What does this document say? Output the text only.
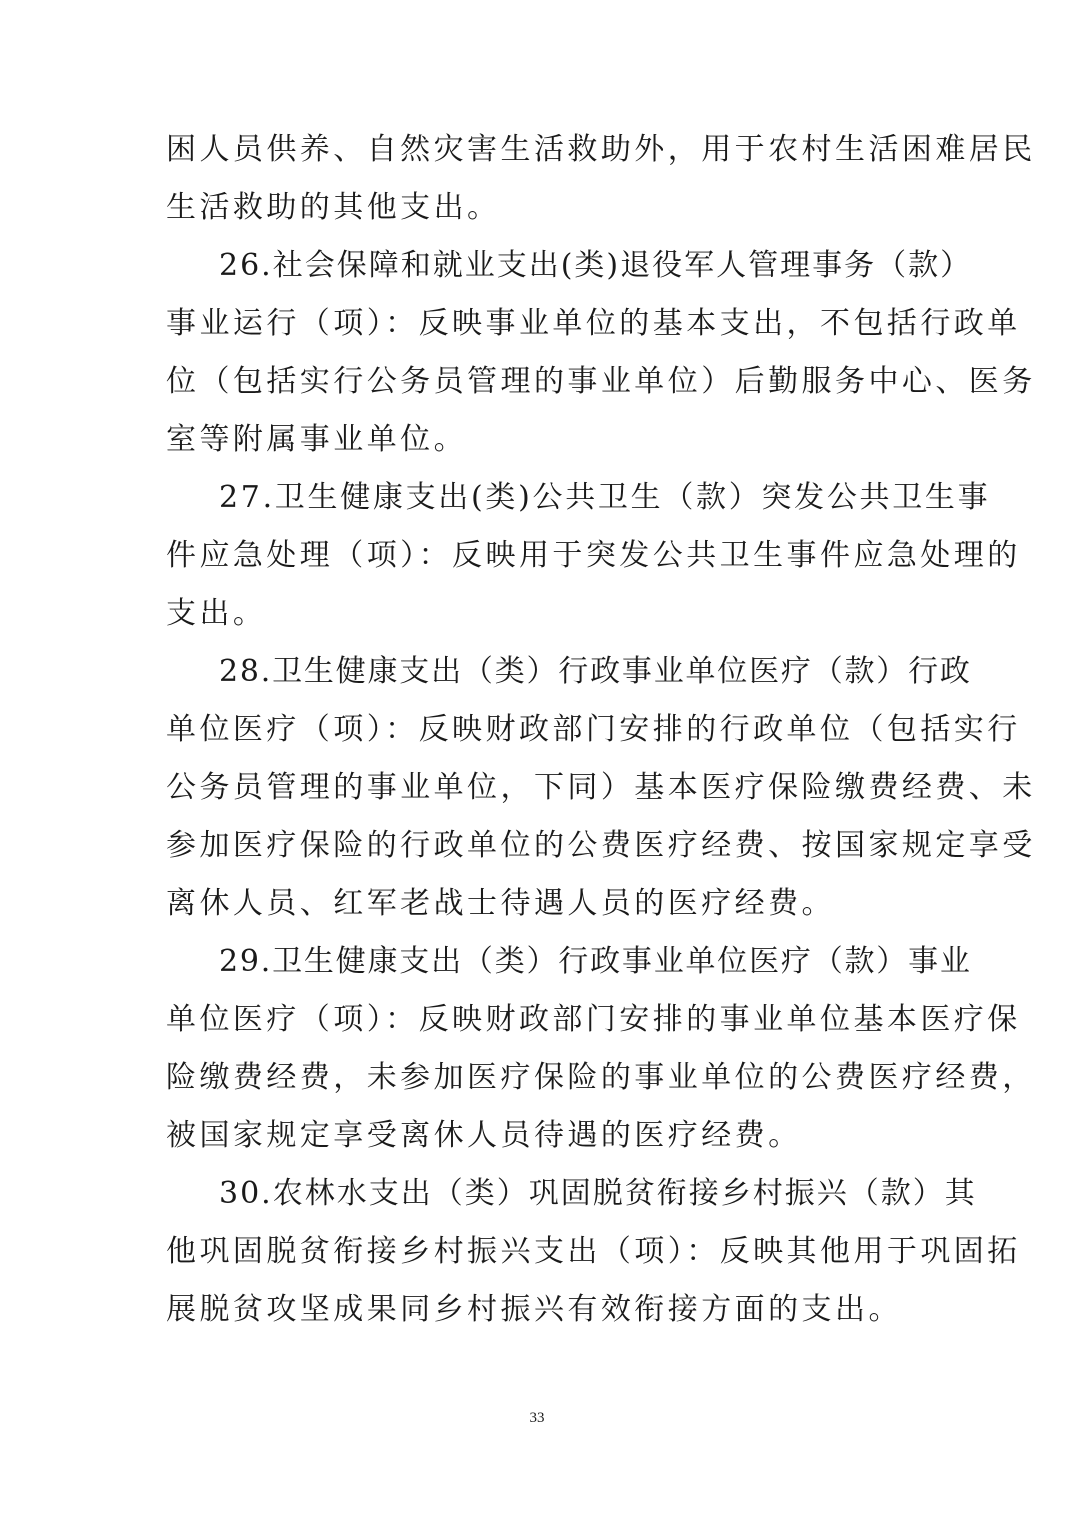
困人员供养、自然灾害生活救助外，用于农村生活困难居民
生活救助的其他支出。
26.社会保障和就业支出(类)退役军人管理事务（款）
事业运行（项）：反映事业单位的基本支出，不包括行政单
位（包括实行公务员管理的事业单位）后勤服务中心、医务
室等附属事业单位。
27.卫生健康支出(类)公共卫生（款）突发公共卫生事
件应急处理（项）：反映用于突发公共卫生事件应急处理的
支出。
28.卫生健康支出（类）行政事业单位医疗（款）行政
单位医疗（项）：反映财政部门安排的行政单位（包括实行
公务员管理的事业单位，下同）基本医疗保险缴费经费、未
参加医疗保险的行政单位的公费医疗经费、按国家规定享受
离休人员、红军老战士待遇人员的医疗经费。
29.卫生健康支出（类）行政事业单位医疗（款）事业
单位医疗（项）：反映财政部门安排的事业单位基本医疗保
险缴费经费，未参加医疗保险的事业单位的公费医疗经费，
被国家规定享受离休人员待遇的医疗经费。
30.农林水支出（类）巩固脱贫衔接乡村振兴（款）其
他巩固脱贫衔接乡村振兴支出（项）：反映其他用于巩固拓
展脱贫攻坚成果同乡村振兴有效衔接方面的支出。
33
